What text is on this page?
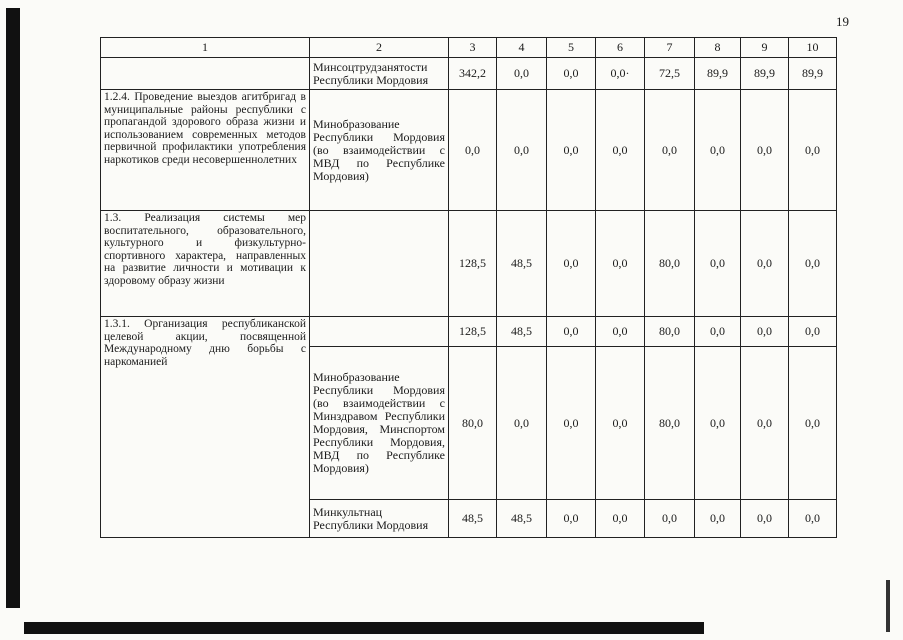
19
1	2	3	4	5	6	7	8	9	10
	Минсоцтрудзанятости Республики Мордовия	342,2	0,0	0,0	0,0·	72,5	89,9	89,9	89,9
1.2.4. Проведение выездов агитбригад в муниципальные районы республики с пропагандой здорового образа жизни и использованием современных методов первичной профилактики употребления наркотиков среди несовершеннолетних	Минобразование Республики Мордовия (во взаимодействии с МВД по Республике Мордовия)	0,0	0,0	0,0	0,0	0,0	0,0	0,0	0,0
1.3. Реализация системы мер воспитательного, образовательного, культурного и физкультурно-спортивного характера, направленных на развитие личности и мотивации к здоровому образу жизни		128,5	48,5	0,0	0,0	80,0	0,0	0,0	0,0
1.3.1. Организация республиканской целевой акции, посвященной Международному дню борьбы с наркоманией		128,5	48,5	0,0	0,0	80,0	0,0	0,0	0,0
	Минобразование Республики Мордовия (во взаимодействии с Минздравом Республики Мордовия, Минспортом Республики Мордовия, МВД по Республике Мордовия)	80,0	0,0	0,0	0,0	80,0	0,0	0,0	0,0
	Минкультнац Республики Мордовия	48,5	48,5	0,0	0,0	0,0	0,0	0,0	0,0
